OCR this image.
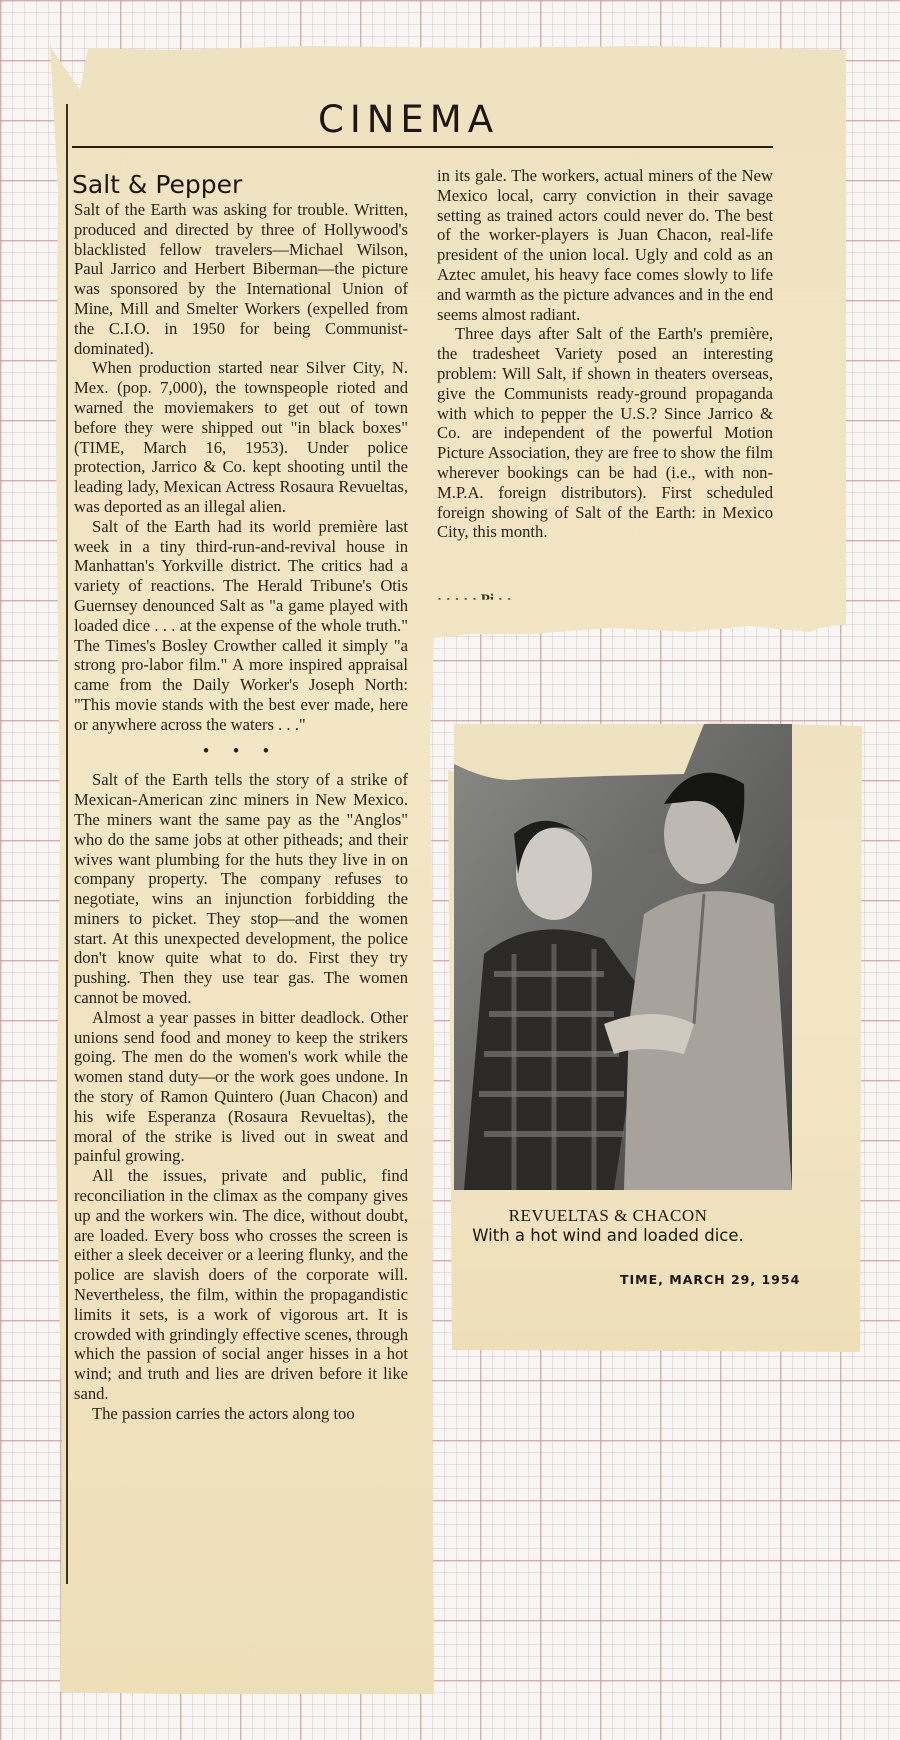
CINEMA
Salt & Pepper

Salt of the Earth was asking for trouble. Written, produced and directed by three of Hollywood's blacklisted fellow travelers—Michael Wilson, Paul Jarrico and Herbert Biberman—the picture was sponsored by the International Union of Mine, Mill and Smelter Workers (expelled from the C.I.O. in 1950 for being Communist-dominated).

When production started near Silver City, N. Mex. (pop. 7,000), the townspeople rioted and warned the moviemakers to get out of town before they were shipped out "in black boxes" (TIME, March 16, 1953). Under police protection, Jarrico & Co. kept shooting until the leading lady, Mexican Actress Rosaura Revueltas, was deported as an illegal alien.

Salt of the Earth had its world première last week in a tiny third-run-and-revival house in Manhattan's Yorkville district. The critics had a variety of reactions. The Herald Tribune's Otis Guernsey denounced Salt as "a game played with loaded dice . . . at the expense of the whole truth." The Times's Bosley Crowther called it simply "a strong pro-labor film." A more inspired appraisal came from the Daily Worker's Joseph North: "This movie stands with the best ever made, here or anywhere across the waters . . ."

• • •

Salt of the Earth tells the story of a strike of Mexican-American zinc miners in New Mexico. The miners want the same pay as the "Anglos" who do the same jobs at other pitheads; and their wives want plumbing for the huts they live in on company property. The company refuses to negotiate, wins an injunction forbidding the miners to picket. They stop—and the women start. At this unexpected development, the police don't know quite what to do. First they try pushing. Then they use tear gas. The women cannot be moved.

Almost a year passes in bitter deadlock. Other unions send food and money to keep the strikers going. The men do the women's work while the women stand duty—or the work goes undone. In the story of Ramon Quintero (Juan Chacon) and his wife Esperanza (Rosaura Revueltas), the moral of the strike is lived out in sweat and painful growing.

All the issues, private and public, find reconciliation in the climax as the company gives up and the workers win. The dice, without doubt, are loaded. Every boss who crosses the screen is either a sleek deceiver or a leering flunky, and the police are slavish doers of the corporate will. Nevertheless, the film, within the propagandistic limits it sets, is a work of vigorous art. It is crowded with grindingly effective scenes, through which the passion of social anger hisses in a hot wind; and truth and lies are driven before it like sand.

The passion carries the actors along too

in its gale. The workers, actual miners of the New Mexico local, carry conviction in their savage setting as trained actors could never do. The best of the worker-players is Juan Chacon, real-life president of the union local. Ugly and cold as an Aztec amulet, his heavy face comes slowly to life and warmth as the picture advances and in the end seems almost radiant.

Three days after Salt of the Earth's première, the tradesheet Variety posed an interesting problem: Will Salt, if shown in theaters overseas, give the Communists ready-ground propaganda with which to pepper the U.S.? Since Jarrico & Co. are independent of the powerful Motion Picture Association, they are free to show the film wherever bookings can be had (i.e., with non-M.P.A. foreign distributors). First scheduled foreign showing of Salt of the Earth: in Mexico City, this month.

REVUELTAS & CHACON
With a hot wind and loaded dice.
TIME, MARCH 29, 1954
